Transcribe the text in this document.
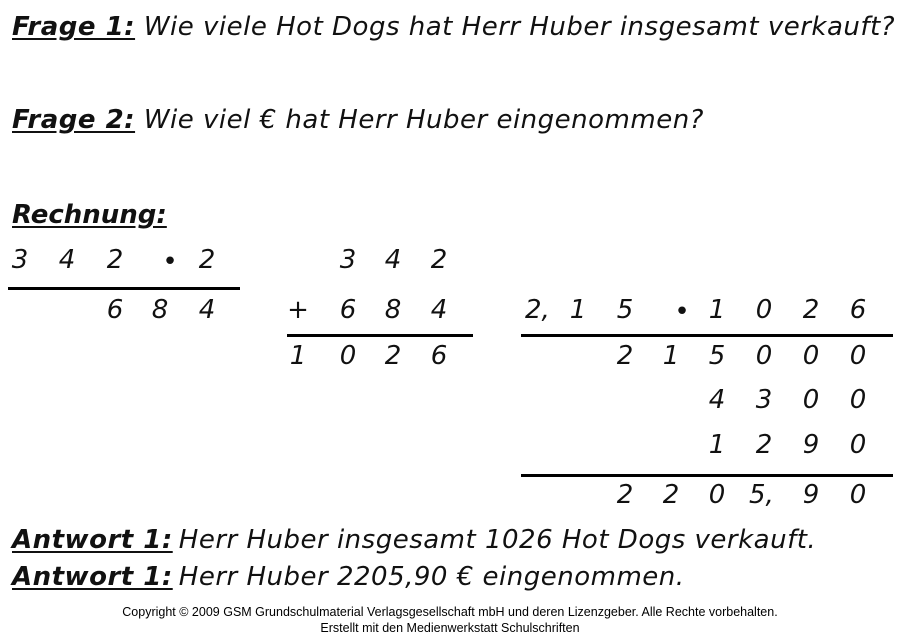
Frage 1: Wie viele Hot Dogs hat Herr Huber insgesamt verkauft?
Frage 2: Wie viel € hat Herr Huber eingenommen?
Rechnung:
3 4 2 • 2
6 8 4
3 4 2
+ 6 8 4
1 0 2 6
2, 1 5 • 1 0 2 6
2 1 5 0 0 0
4 3 0 0
1 2 9 0
2 2 0 5,	9 0
Antwort 1: Herr Huber insgesamt 1026 Hot Dogs verkauft.
Antwort 1: Herr Huber 2205,90 € eingenommen.
Copyright © 2009 GSM Grundschulmaterial Verlagsgesellschaft mbH und deren Lizenzgeber. Alle Rechte vorbehalten.
Erstellt mit den Medienwerkstatt Schulschriften
